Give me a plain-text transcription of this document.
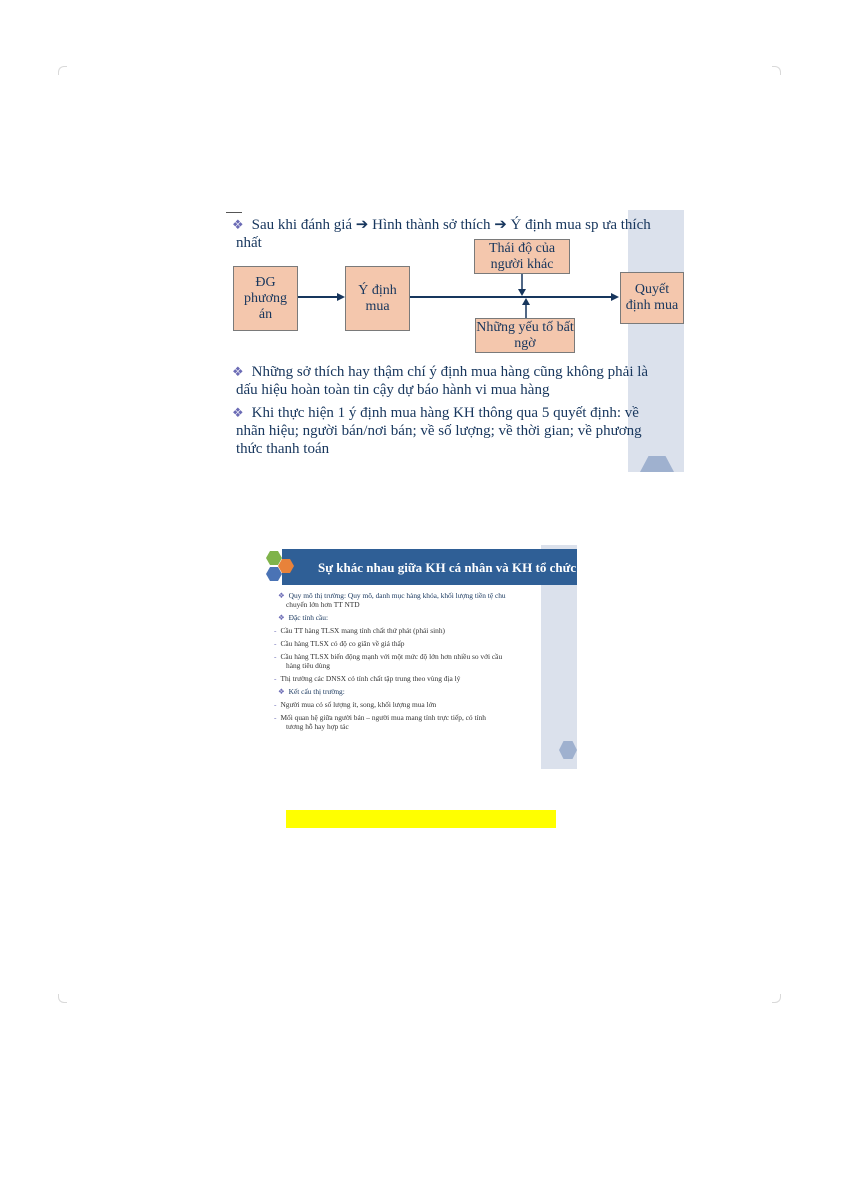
❖ Sau khi đánh giá ➔ Hình thành sở thích ➔ Ý định mua sp ưa thích
nhất
ĐG
phương
án
Ý định
mua
Thái độ của
người khác
Những yếu tố bất
ngờ
Quyết
định mua
❖ Những sở thích hay thậm chí ý định mua hàng cũng không phải là
dấu hiệu hoàn toàn tin cậy dự báo hành vi mua hàng
❖ Khi thực hiện 1 ý định mua hàng KH thông qua 5 quyết định: về
nhãn hiệu; người bán/nơi bán; về số lượng; về thời gian; về phương
thức thanh toán
Sự khác nhau giữa KH cá nhân và KH tổ chức
❖ Quy mô thị trường: Quy mô, danh mục hàng khóa, khối lượng tiền tệ chu
chuyển lớn hơn TT NTD
❖ Đặc tính cầu:
- Cầu TT hàng TLSX mang tính chất thứ phát (phái sinh)
- Cầu hàng TLSX có độ co giãn về giá thấp
- Cầu hàng TLSX biến động mạnh với một mức độ lớn hơn nhiều so với cầu
hàng tiêu dùng
- Thị trường các DNSX có tính chất tập trung theo vùng địa lý
❖ Kết cấu thị trường:
- Người mua có số lượng ít, song, khối lượng mua lớn
- Mối quan hệ giữa người bán – người mua mang tính trực tiếp, có tính
tương hỗ hay hợp tác
